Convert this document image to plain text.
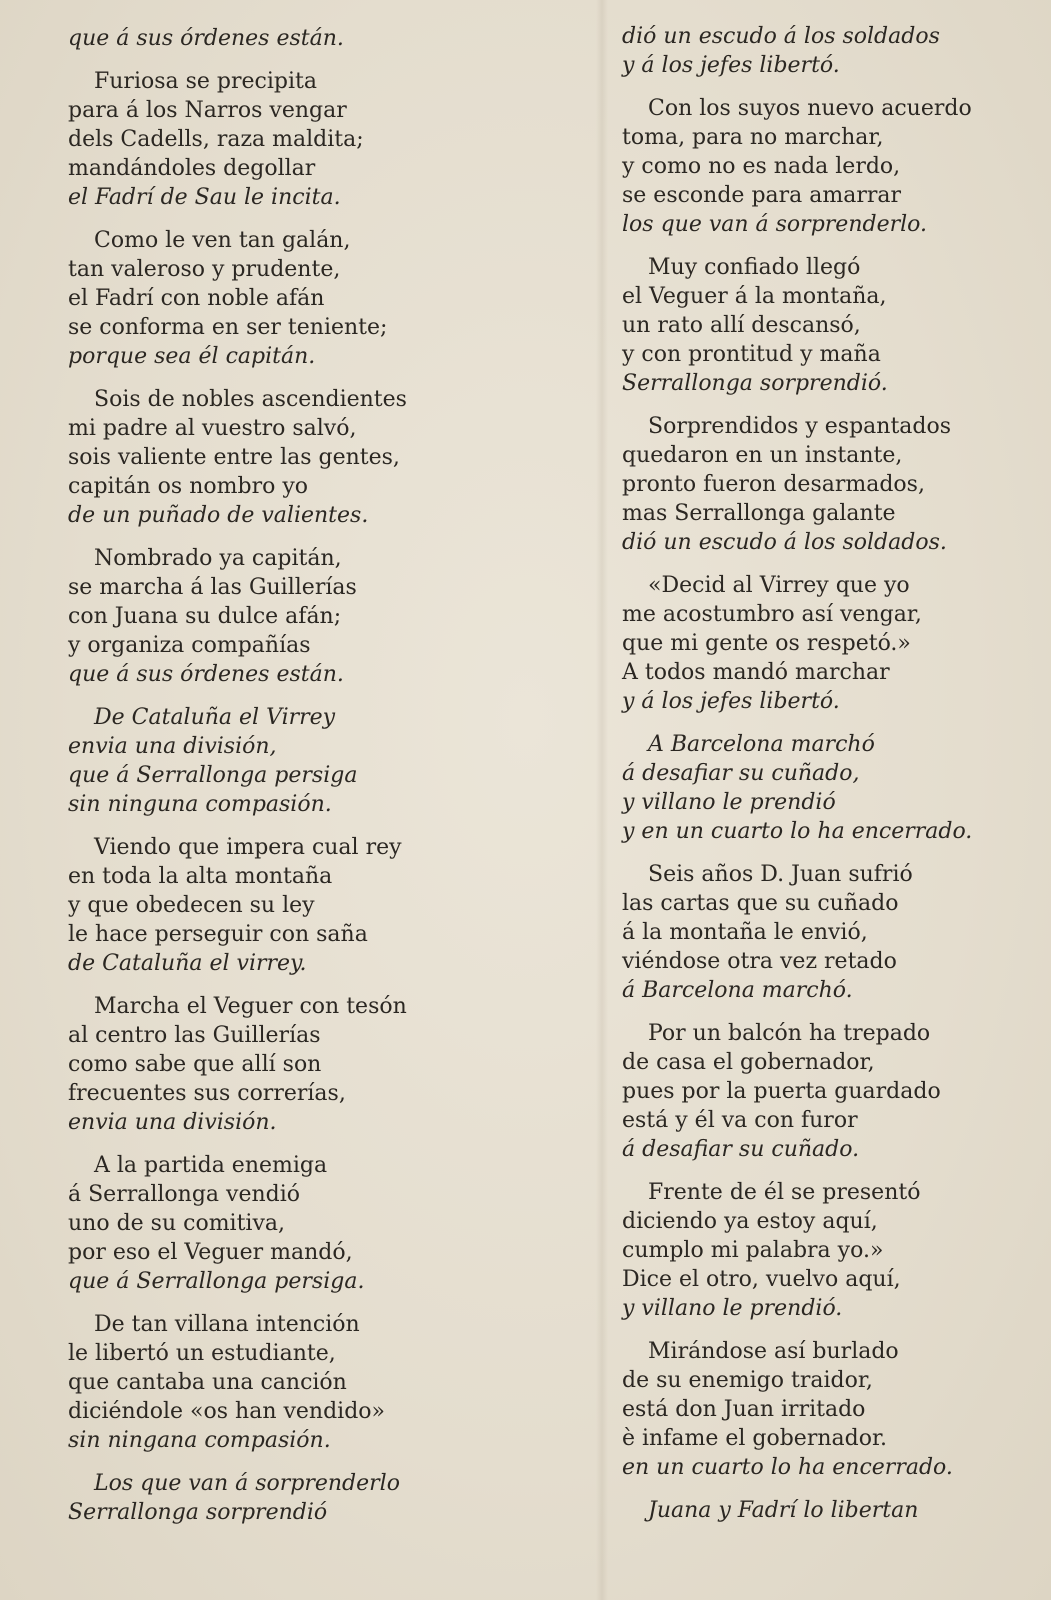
que á sus órdenes están.
Furiosa se precipita
para á los Narros vengar
dels Cadells, raza maldita;
mandándoles degollar
el Fadrí de Sau le incita.
Como le ven tan galán,
tan valeroso y prudente,
el Fadrí con noble afán
se conforma en ser teniente;
porque sea él capitán.
Sois de nobles ascendientes
mi padre al vuestro salvó,
sois valiente entre las gentes,
capitán os nombro yo
de un puñado de valientes.
Nombrado ya capitán,
se marcha á las Guillerías
con Juana su dulce afán;
y organiza compañías
que á sus órdenes están.
De Cataluña el Virrey
envia una división,
que á Serrallonga persiga
sin ninguna compasión.
Viendo que impera cual rey
en toda la alta montaña
y que obedecen su ley
le hace perseguir con saña
de Cataluña el virrey.
Marcha el Veguer con tesón
al centro las Guillerías
como sabe que allí son
frecuentes sus correrías,
envia una división.
A la partida enemiga
á Serrallonga vendió
uno de su comitiva,
por eso el Veguer mandó,
que á Serrallonga persiga.
De tan villana intención
le libertó un estudiante,
que cantaba una canción
diciéndole «os han vendido»
sin ningana compasión.
Los que van á sorprenderlo
Serrallonga sorprendió
dió un escudo á los soldados
y á los jefes libertó.
Con los suyos nuevo acuerdo
toma, para no marchar,
y como no es nada lerdo,
se esconde para amarrar
los que van á sorprenderlo.
Muy confiado llegó
el Veguer á la montaña,
un rato allí descansó,
y con prontitud y maña
Serrallonga sorprendió.
Sorprendidos y espantados
quedaron en un instante,
pronto fueron desarmados,
mas Serrallonga galante
dió un escudo á los soldados.
«Decid al Virrey que yo
me acostumbro así vengar,
que mi gente os respetó.»
A todos mandó marchar
y á los jefes libertó.
A Barcelona marchó
á desafiar su cuñado,
y villano le prendió
y en un cuarto lo ha encerrado.
Seis años D. Juan sufrió
las cartas que su cuñado
á la montaña le envió,
viéndose otra vez retado
á Barcelona marchó.
Por un balcón ha trepado
de casa el gobernador,
pues por la puerta guardado
está y él va con furor
á desafiar su cuñado.
Frente de él se presentó
diciendo ya estoy aquí,
cumplo mi palabra yo.»
Dice el otro, vuelvo aquí,
y villano le prendió.
Mirándose así burlado
de su enemigo traidor,
está don Juan irritado
è infame el gobernador.
en un cuarto lo ha encerrado.
Juana y Fadrí lo libertan
